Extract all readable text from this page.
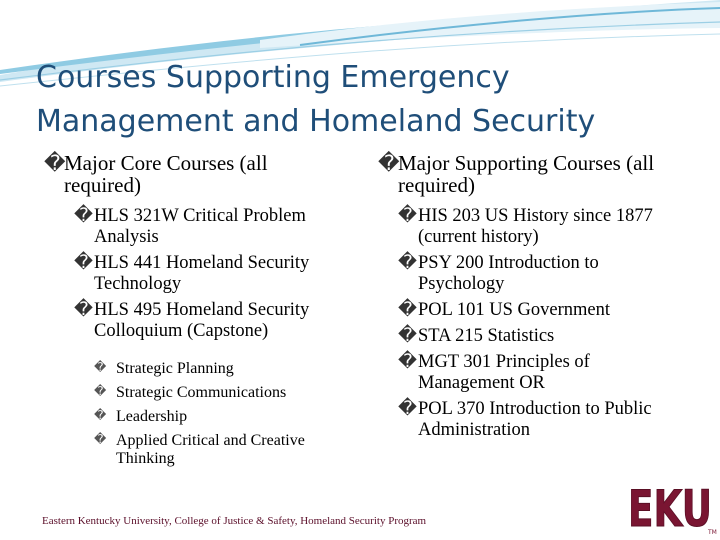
Courses Supporting Emergency Management and Homeland Security

�Major Core Courses (all required)

�HLS 321W Critical Problem Analysis

�HLS 441 Homeland Security Technology

�HLS 495 Homeland Security Colloquium (Capstone)

� Strategic Planning

� Strategic Communications

� Leadership

� Applied Critical and Creative Thinking

�Major Supporting Courses (all required)

�HIS 203 US History since 1877 (current history)

�PSY 200 Introduction to Psychology

�POL 101 US Government

�STA 215 Statistics

�MGT 301 Principles of Management OR

�POL 370 Introduction to Public Administration

Eastern Kentucky University, College of Justice & Safety, Homeland Security Program	EKU
TM
